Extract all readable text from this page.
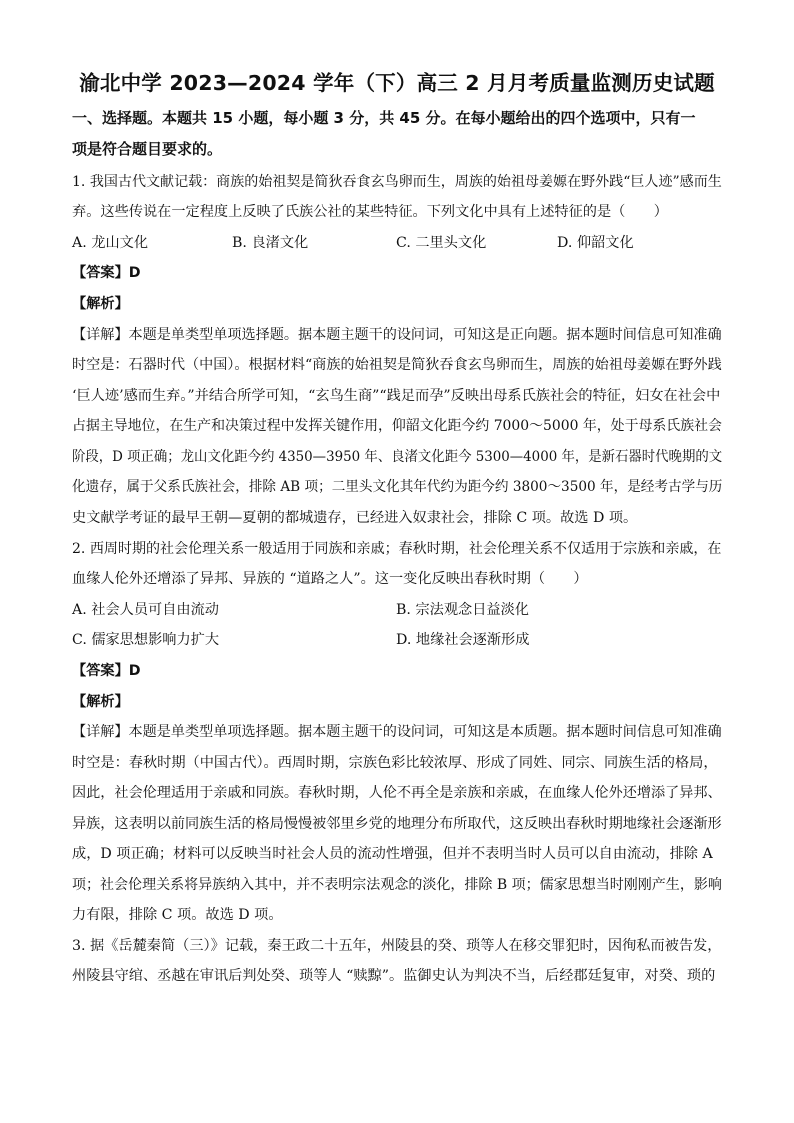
渝北中学 2023—2024 学年（下）高三 2 月月考质量监测历史试题
一、选择题。本题共 15 小题，每小题 3 分，共 45 分。在每小题给出的四个选项中，只有一
项是符合题目要求的。
1. 我国古代文献记载：商族的始祖契是简狄吞食玄鸟卵而生，周族的始祖母姜嫄在野外践“巨人迹”感而生
弃。这些传说在一定程度上反映了氏族公社的某些特征。下列文化中具有上述特征的是（　　）
A. 龙山文化	B. 良渚文化	C. 二里头文化	D. 仰韶文化
【答案】D
【解析】
【详解】本题是单类型单项选择题。据本题主题干的设问词，可知这是正向题。据本题时间信息可知准确
时空是：石器时代（中国）。根据材料“商族的始祖契是简狄吞食玄鸟卵而生，周族的始祖母姜嫄在野外践
‘巨人迹’感而生弃。”并结合所学可知，“玄鸟生商”“践足而孕”反映出母系氏族社会的特征，妇女在社会中
占据主导地位，在生产和决策过程中发挥关键作用，仰韶文化距今约 7000～5000 年，处于母系氏族社会
阶段，D 项正确；龙山文化距今约 4350—3950 年、良渚文化距今 5300—4000 年，是新石器时代晚期的文
化遗存，属于父系氏族社会，排除 AB 项；二里头文化其年代约为距今约 3800～3500 年，是经考古学与历
史文献学考证的最早王朝—夏朝的都城遗存，已经进入奴隶社会，排除 C 项。故选 D 项。
2. 西周时期的社会伦理关系一般适用于同族和亲戚；春秋时期，社会伦理关系不仅适用于宗族和亲戚，在
血缘人伦外还增添了异邦、异族的 “道路之人”。这一变化反映出春秋时期（　　）
A. 社会人员可自由流动	B. 宗法观念日益淡化
C. 儒家思想影响力扩大	D. 地缘社会逐渐形成
【答案】D
【解析】
【详解】本题是单类型单项选择题。据本题主题干的设问词，可知这是本质题。据本题时间信息可知准确
时空是：春秋时期（中国古代）。西周时期，宗族色彩比较浓厚、形成了同姓、同宗、同族生活的格局，
因此，社会伦理适用于亲戚和同族。春秋时期，人伦不再全是亲族和亲戚，在血缘人伦外还增添了异邦、
异族，这表明以前同族生活的格局慢慢被邻里乡党的地理分布所取代，这反映出春秋时期地缘社会逐渐形
成，D 项正确；材料可以反映当时社会人员的流动性增强，但并不表明当时人员可以自由流动，排除 A
项；社会伦理关系将异族纳入其中，并不表明宗法观念的淡化，排除 B 项；儒家思想当时刚刚产生，影响
力有限，排除 C 项。故选 D 项。
3. 据《岳麓秦简（三）》记载，秦王政二十五年，州陵县的癸、琐等人在移交罪犯时，因徇私而被告发，
州陵县守绾、丞越在审讯后判处癸、琐等人 “赎黥”。监御史认为判决不当，后经郡廷复审，对癸、琐的
